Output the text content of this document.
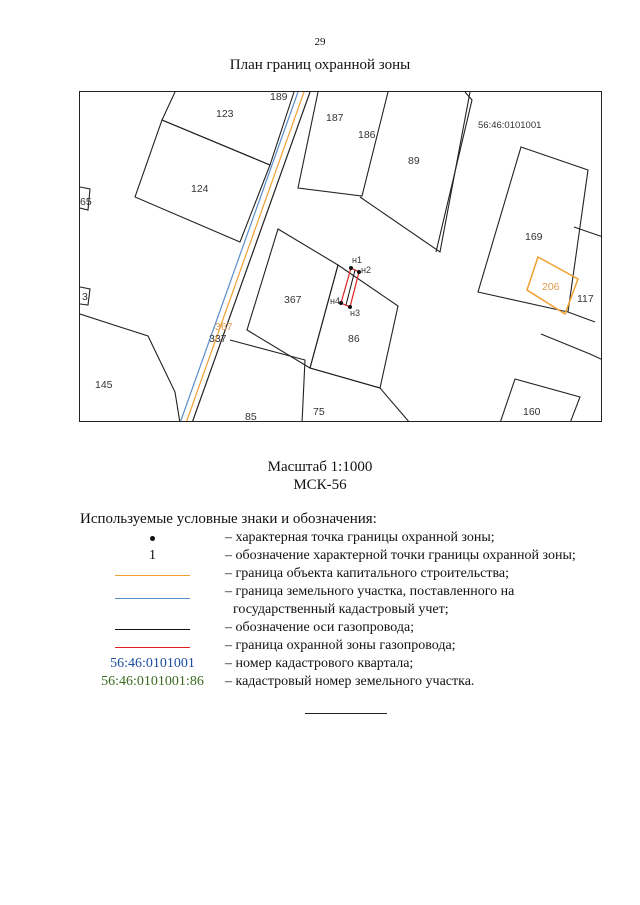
29
План границ охранной зоны
н1
н2
н3
н4
123
189
187
186
89
65
124
169
206
117
367
86
3
367
337
145
85	75	160
56:46:0101001
Масштаб 1:1000
МСК-56
Используемые условные знаки и обозначения:
– характерная точка границы охранной зоны;
1	– обозначение характерной точки границы охранной зоны;
– граница объекта капитального строительства;
– граница земельного участка, поставленного на
государственный кадастровый учет;
– обозначение оси газопровода;
– граница охранной зоны газопровода;
56:46:0101001	– номер кадастрового квартала;
56:46:0101001:86	– кадастровый номер земельного участка.
